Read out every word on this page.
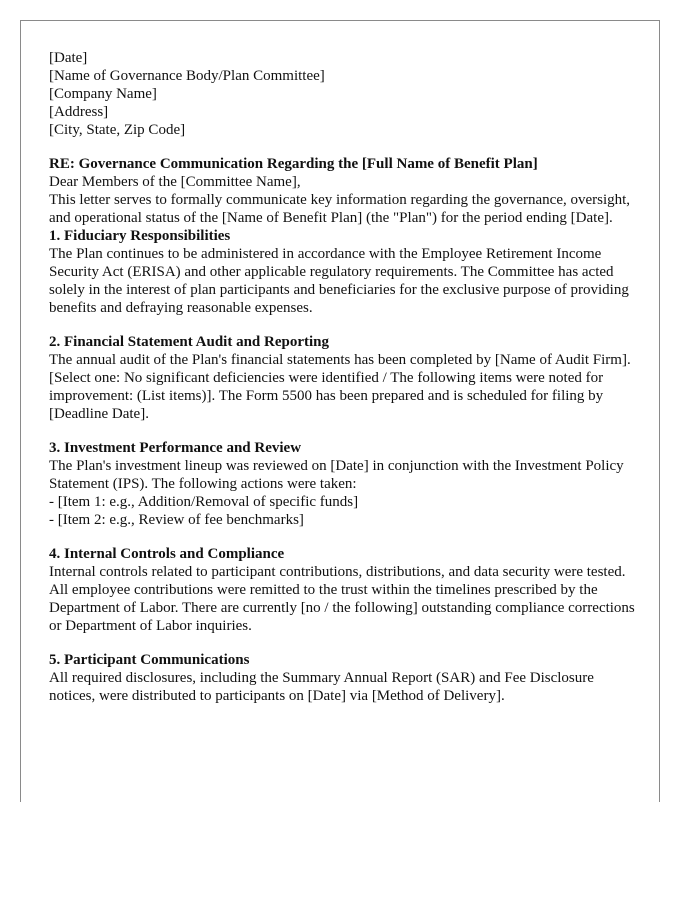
[Date]

[Name of Governance Body/Plan Committee]
[Company Name]
[Address]
[City, State, Zip Code]

RE: Governance Communication Regarding the [Full Name of Benefit Plan]

Dear Members of the [Committee Name],

This letter serves to formally communicate key information regarding the governance, oversight, and operational status of the [Name of Benefit Plan] (the "Plan") for the period ending [Date].

1. Fiduciary Responsibilities
The Plan continues to be administered in accordance with the Employee Retirement Income Security Act (ERISA) and other applicable regulatory requirements. The Committee has acted solely in the interest of plan participants and beneficiaries for the exclusive purpose of providing benefits and defraying reasonable expenses.
2. Financial Statement Audit and Reporting
The annual audit of the Plan's financial statements has been completed by [Name of Audit Firm]. [Select one: No significant deficiencies were identified / The following items were noted for improvement: (List items)]. The Form 5500 has been prepared and is scheduled for filing by [Deadline Date].
3. Investment Performance and Review
The Plan's investment lineup was reviewed on [Date] in conjunction with the Investment Policy Statement (IPS). The following actions were taken:
- [Item 1: e.g., Addition/Removal of specific funds]
- [Item 2: e.g., Review of fee benchmarks]
4. Internal Controls and Compliance
Internal controls related to participant contributions, distributions, and data security were tested. All employee contributions were remitted to the trust within the timelines prescribed by the Department of Labor. There are currently [no / the following] outstanding compliance corrections or Department of Labor inquiries.
5. Participant Communications
All required disclosures, including the Summary Annual Report (SAR) and Fee Disclosure notices, were distributed to participants on [Date] via [Method of Delivery].
